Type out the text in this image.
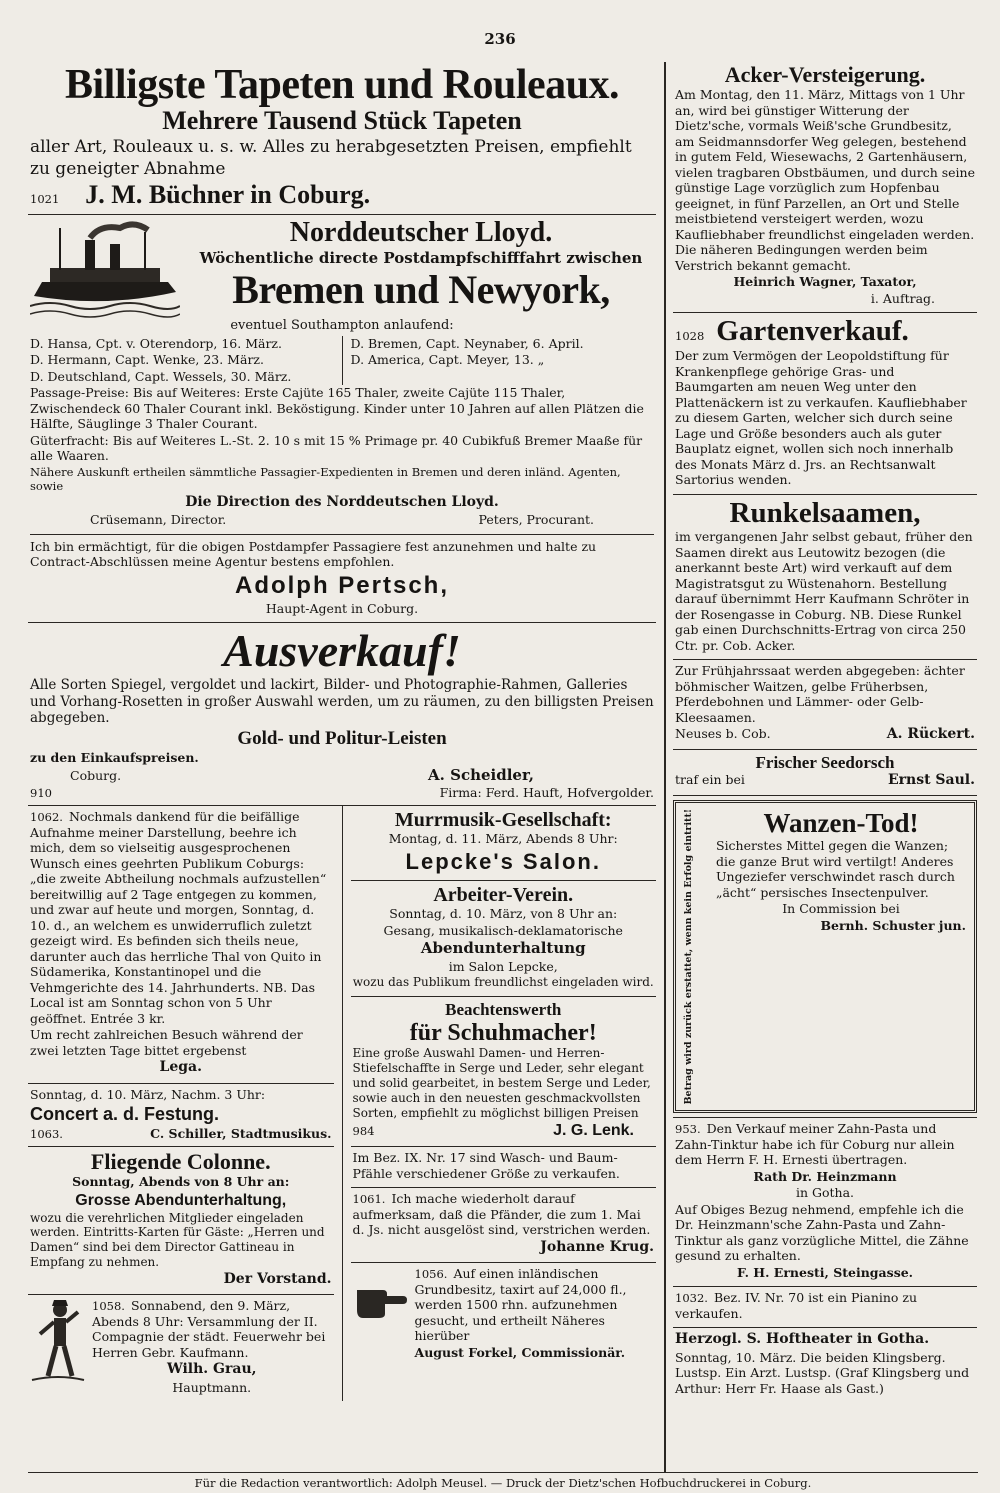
236
Billigste Tapeten und Rouleaux.
Mehrere Tausend Stück Tapeten

aller Art, Rouleaux u. s. w. Alles zu herabgesetzten Preisen, empfiehlt zu geneigter Abnahme

1021 J. M. Büchner in Coburg.
Norddeutscher Lloyd.

Wöchentliche directe Postdampfschifffahrt zwischen

Bremen und Newyork,

eventuel Southampton anlaufend:

D. Hansa, Cpt. v. Oterendorp, 16. März.

D. Hermann, Capt. Wenke, 23. März.

D. Deutschland, Capt. Wessels, 30. März.

D. Bremen, Capt. Neynaber, 6. April.

D. America, Capt. Meyer, 13. „

Passage-Preise: Bis auf Weiteres: Erste Cajüte 165 Thaler, zweite Cajüte 115 Thaler, Zwischendeck 60 Thaler Courant inkl. Beköstigung. Kinder unter 10 Jahren auf allen Plätzen die Hälfte, Säuglinge 3 Thaler Courant.

Güterfracht: Bis auf Weiteres L.-St. 2. 10 s mit 15 % Primage pr. 40 Cubikfuß Bremer Maaße für alle Waaren.

Nähere Auskunft ertheilen sämmtliche Passagier-Expedienten in Bremen und deren inländ. Agenten, sowie

Die Direction des Norddeutschen Lloyd.

Crüsemann, Director.	Peters, Procurant.

Ich bin ermächtigt, für die obigen Postdampfer Passagiere fest anzunehmen und halte zu Contract-Abschlüssen meine Agentur bestens empfohlen.

Adolph Pertsch,

Haupt-Agent in Coburg.

Ausverkauf!

Alle Sorten Spiegel, vergoldet und lackirt, Bilder- und Photographie-Rahmen, Galleries und Vorhang-Rosetten in großer Auswahl werden, um zu räumen, zu den billigsten Preisen abgegeben.

Gold- und Politur-Leisten

zu den Einkaufspreisen.

Coburg.	A. Scheidler,
910	Firma: Ferd. Hauft, Hofvergolder.

1062. Nochmals dankend für die beifällige Aufnahme meiner Darstellung, beehre ich mich, dem so vielseitig ausgesprochenen Wunsch eines geehrten Publikum Coburgs: „die zweite Abtheilung nochmals aufzustellen“ bereitwillig auf 2 Tage entgegen zu kommen, und zwar auf heute und morgen, Sonntag, d. 10. d., an welchem es unwiderruflich zuletzt gezeigt wird. Es befinden sich theils neue, darunter auch das herrliche Thal von Quito in Südamerika, Konstantinopel und die Vehmgerichte des 14. Jahrhunderts. NB. Das Local ist am Sonntag schon von 5 Uhr geöffnet. Entrée 3 kr.

Um recht zahlreichen Besuch während der zwei letzten Tage bittet ergebenst

Lega.

Sonntag, d. 10. März, Nachm. 3 Uhr:

Concert a. d. Festung.
1063.	C. Schiller, Stadtmusikus.
Fliegende Colonne.

Sonntag, Abends von 8 Uhr an:

Grosse Abendunterhaltung,

wozu die verehrlichen Mitglieder eingeladen werden. Eintritts-Karten für Gäste: „Herren und Damen“ sind bei dem Director Gattineau in Empfang zu nehmen.

Der Vorstand.

1058. Sonnabend, den 9. März, Abends 8 Uhr: Versammlung der II. Compagnie der städt. Feuerwehr bei Herren Gebr. Kaufmann.

Wilh. Grau,

Hauptmann.

Murrmusik-Gesellschaft:

Montag, d. 11. März, Abends 8 Uhr:

Lepcke's Salon.
Arbeiter-Verein.

Sonntag, d. 10. März, von 8 Uhr an:

Gesang, musikalisch-deklamatorische

Abendunterhaltung

im Salon Lepcke,

wozu das Publikum freundlichst eingeladen wird.

Beachtenswerth
für Schuhmacher!

Eine große Auswahl Damen- und Herren-Stiefelschaffte in Serge und Leder, sehr elegant und solid gearbeitet, in bestem Serge und Leder, sowie auch in den neuesten geschmackvollsten Sorten, empfiehlt zu möglichst billigen Preisen

984	J. G. Lenk.

Im Bez. IX. Nr. 17 sind Wasch- und Baum-Pfähle verschiedener Größe zu verkaufen.

1061. Ich mache wiederholt darauf aufmerksam, daß die Pfänder, die zum 1. Mai d. Js. nicht ausgelöst sind, verstrichen werden.

Johanne Krug.

1056. Auf einen inländischen Grundbesitz, taxirt auf 24,000 fl., werden 1500 rhn. aufzunehmen gesucht, und ertheilt Näheres hierüber

August Forkel, Commissionär.

Acker-Versteigerung.

Am Montag, den 11. März, Mittags von 1 Uhr an, wird bei günstiger Witterung der Dietz'sche, vormals Weiß'sche Grundbesitz, am Seidmannsdorfer Weg gelegen, bestehend in gutem Feld, Wiesewachs, 2 Gartenhäusern, vielen tragbaren Obstbäumen, und durch seine günstige Lage vorzüglich zum Hopfenbau geeignet, in fünf Parzellen, an Ort und Stelle meistbietend versteigert werden, wozu Kaufliebhaber freundlichst eingeladen werden. Die näheren Bedingungen werden beim Verstrich bekannt gemacht.

Heinrich Wagner, Taxator,

i. Auftrag.

1028 Gartenverkauf.

Der zum Vermögen der Leopoldstiftung für Krankenpflege gehörige Gras- und Baumgarten am neuen Weg unter den Plattenäckern ist zu verkaufen. Kaufliebhaber zu diesem Garten, welcher sich durch seine Lage und Größe besonders auch als guter Bauplatz eignet, wollen sich noch innerhalb des Monats März d. Jrs. an Rechtsanwalt Sartorius wenden.

Runkelsaamen,

im vergangenen Jahr selbst gebaut, früher den Saamen direkt aus Leutowitz bezogen (die anerkannt beste Art) wird verkauft auf dem Magistratsgut zu Wüstenahorn. Bestellung darauf übernimmt Herr Kaufmann Schröter in der Rosengasse in Coburg. NB. Diese Runkel gab einen Durchschnitts-Ertrag von circa 250 Ctr. pr. Cob. Acker.

Zur Frühjahrssaat werden abgegeben: ächter böhmischer Waitzen, gelbe Früherbsen, Pferdebohnen und Lämmer- oder Gelb-Kleesaamen.

Neuses b. Cob.	A. Rückert.
Frischer Seedorsch
traf ein bei	Ernst Saul.
Betrag wird zurück erstattet, wenn kein Erfolg eintritt!	Wanzen-Tod!

Sicherstes Mittel gegen die Wanzen; die ganze Brut wird vertilgt! Anderes Ungeziefer verschwindet rasch durch „ächt“ persisches Insectenpulver.

In Commission bei

Bernh. Schuster jun.

953. Den Verkauf meiner Zahn-Pasta und Zahn-Tinktur habe ich für Coburg nur allein dem Herrn F. H. Ernesti übertragen.

Rath Dr. Heinzmann

in Gotha.

Auf Obiges Bezug nehmend, empfehle ich die Dr. Heinzmann'sche Zahn-Pasta und Zahn-Tinktur als ganz vorzügliche Mittel, die Zähne gesund zu erhalten.

F. H. Ernesti, Steingasse.

1032. Bez. IV. Nr. 70 ist ein Pianino zu verkaufen.

Herzogl. S. Hoftheater in Gotha.

Sonntag, 10. März. Die beiden Klingsberg. Lustsp. Ein Arzt. Lustsp. (Graf Klingsberg und Arthur: Herr Fr. Haase als Gast.)

Für die Redaction verantwortlich: Adolph Meusel. — Druck der Dietz'schen Hofbuchdruckerei in Coburg.
